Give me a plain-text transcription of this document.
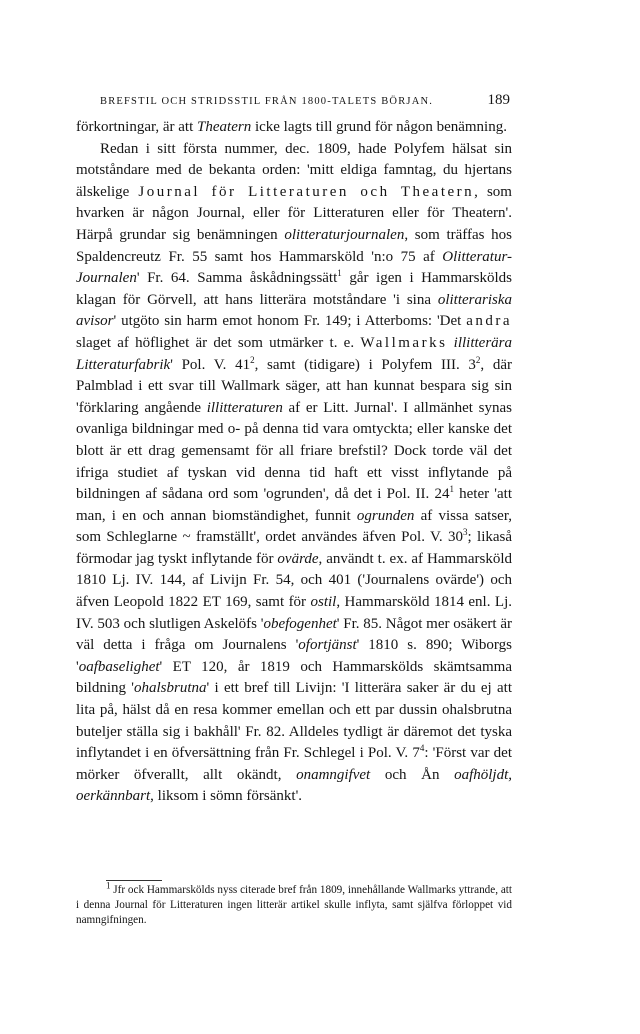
BREFSTIL OCH STRIDSSTIL FRÅN 1800-TALETS BÖRJAN.	189

förkortningar, är att Theatern icke lagts till grund för någon benämning.

Redan i sitt första nummer, dec. 1809, hade Polyfem hälsat sin motståndare med de bekanta orden: 'mitt eldiga famntag, du hjertans älskelige Journal för Litteraturen och Theatern, som hvarken är någon Journal, eller för Litteraturen eller för Theatern'. Härpå grundar sig benämningen olitteraturjournalen, som träffas hos Spaldencreutz Fr. 55 samt hos Hammarsköld 'n:o 75 af Olitteratur-Journalen' Fr. 64. Samma åskådningssätt$^1$ går igen i Hammarskölds klagan för Görvell, att hans litterära motståndare 'i sina olitterariska avisor' utgöto sin harm emot honom Fr. 149; i Atterboms: 'Det andra slaget af höflighet är det som utmärker t. e. Wallmarks illitterära Litteraturfabrik' Pol. V. $41^2$, samt (tidigare) i Polyfem III. $3^2$, där Palmblad i ett svar till Wallmark säger, att han kunnat bespara sig sin 'förklaring angående illitteraturen af er Litt. Jurnal'. I allmänhet synas ovanliga bildningar med o- på denna tid vara omtyckta; eller kanske det blott är ett drag gemensamt för all friare brefstil? Dock torde väl det ifriga studiet af tyskan vid denna tid haft ett visst inflytande på bildningen af sådana ord som 'ogrunden', då det i Pol. II. $24^1$ heter 'att man, i en och annan biomständighet, funnit ogrunden af vissa satser, som Schleglarne ~ framställt', ordet användes äfven Pol. V. $30^3$; likaså förmodar jag tyskt inflytande för ovärde, användt t. ex. af Hammarsköld 1810 Lj. IV. 144, af Livijn Fr. 54, och 401 ('Journalens ovärde') och äfven Leopold 1822 ET 169, samt för ostil, Hammarsköld 1814 enl. Lj. IV. 503 och slutligen Askelöfs 'obefogenhet' Fr. 85. Något mer osäkert är väl detta i fråga om Journalens 'ofortjänst' 1810 s. 890; Wiborgs 'oafbaselighet' ET 120, år 1819 och Hammarskölds skämtsamma bildning 'ohalsbrutna' i ett bref till Livijn: 'I litterära saker är du ej att lita på, hälst då en resa kommer emellan och ett par dussin ohalsbrutna buteljer ställa sig i bakhåll' Fr. 82. Alldeles tydligt är däremot det tyska inflytandet i en öfversättning från Fr. Schlegel i Pol. V. $7^4$: 'Först var det mörker öfverallt, allt okändt, onamngifvet och Ån oafhöljdt, oerkännbart, liksom i sömn försänkt'.

$^1$ Jfr ock Hammarskölds nyss citerade bref från 1809, innehållande Wallmarks yttrande, att i denna Journal för Litteraturen ingen litterär artikel skulle inflyta, samt själfva förloppet vid namngifningen.
